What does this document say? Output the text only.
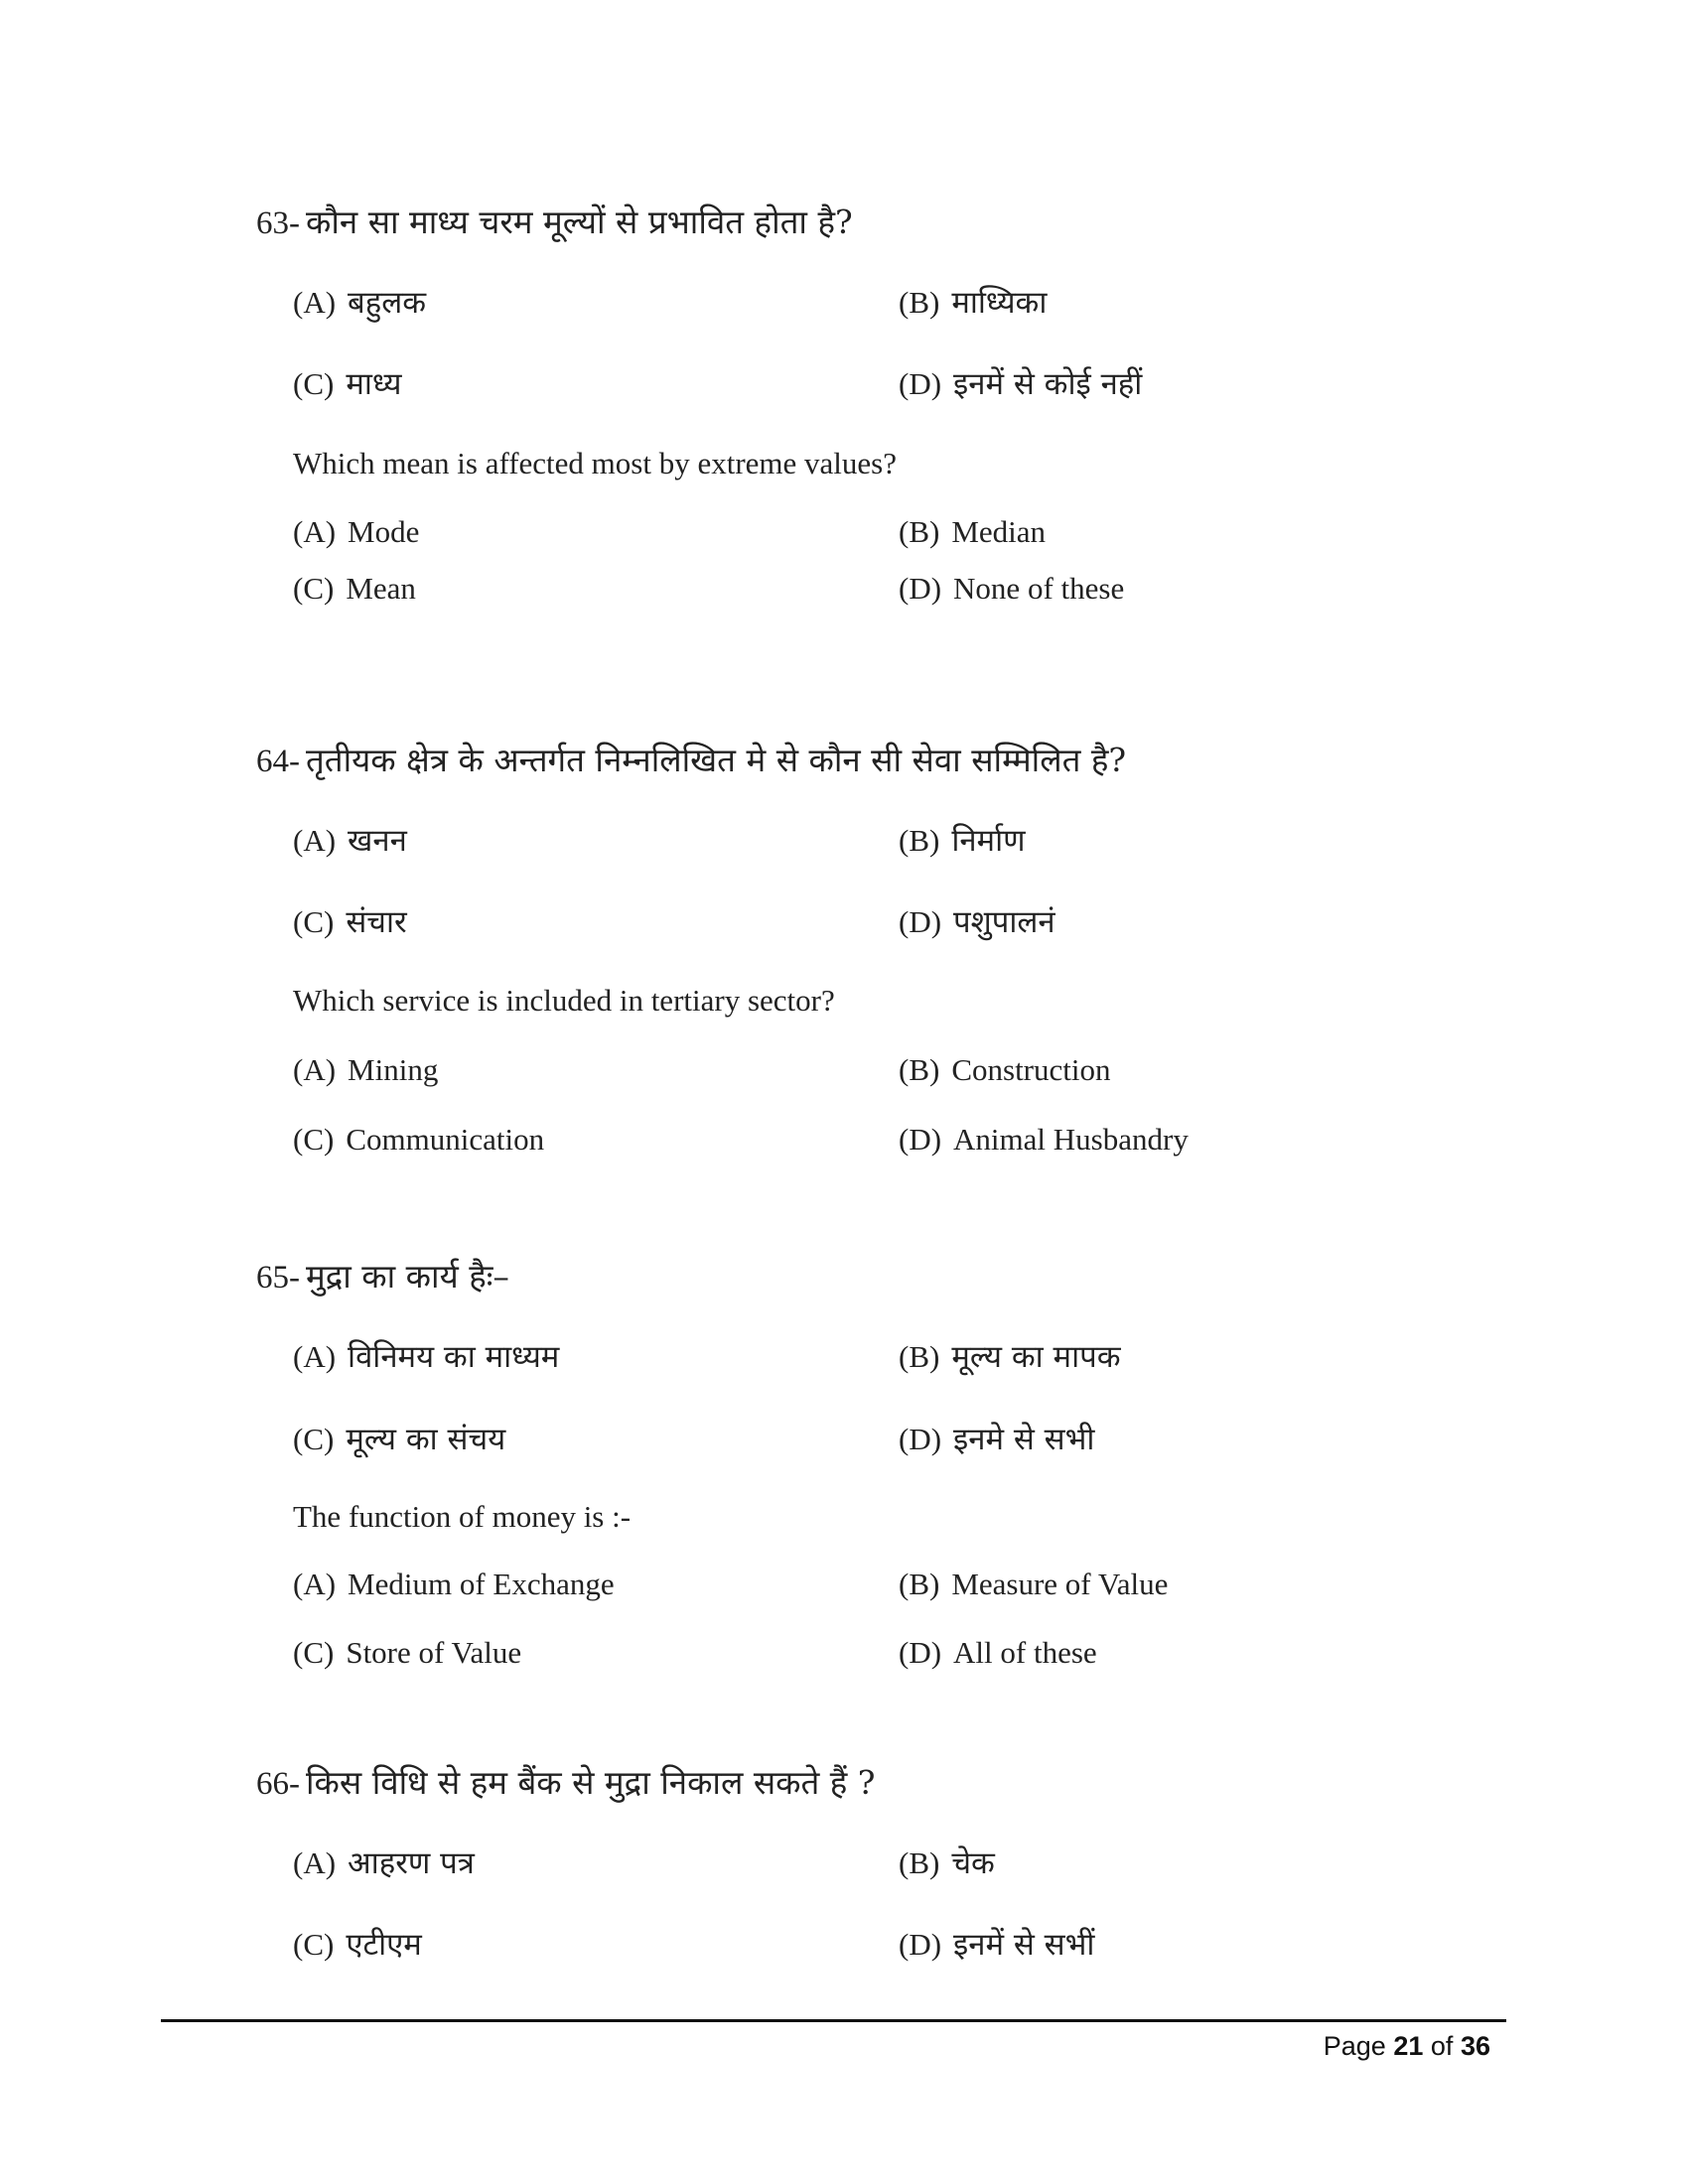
63- कौन सा माध्य चरम मूल्यों से प्रभावित होता है?
(A) बहुलक	(B) माध्यिका
(C) माध्य	(D) इनमें से कोई नहीं
Which mean is affected most by extreme values?
(A) Mode	(B) Median
(C) Mean	(D) None of these
64- तृतीयक क्षेत्र के अन्तर्गत निम्नलिखित मे से कौन सी सेवा सम्मिलित है?
(A) खनन	(B) निर्माण
(C) संचार	(D) पशुपालनं
Which service is included in tertiary sector?
(A) Mining	(B) Construction
(C) Communication	(D) Animal Husbandry
65- मुद्रा का कार्य हैः–
(A) विनिमय का माध्यम	(B) मूल्य का मापक
(C) मूल्य का संचय	(D) इनमे से सभी
The function of money is :-
(A) Medium of Exchange	(B) Measure of Value
(C) Store of Value	(D) All of these
66- किस विधि से हम बैंक से मुद्रा निकाल सकते हैं ?
(A) आहरण पत्र	(B) चेक
(C) एटीएम	(D) इनमें से सभीं
Page 21 of 36
